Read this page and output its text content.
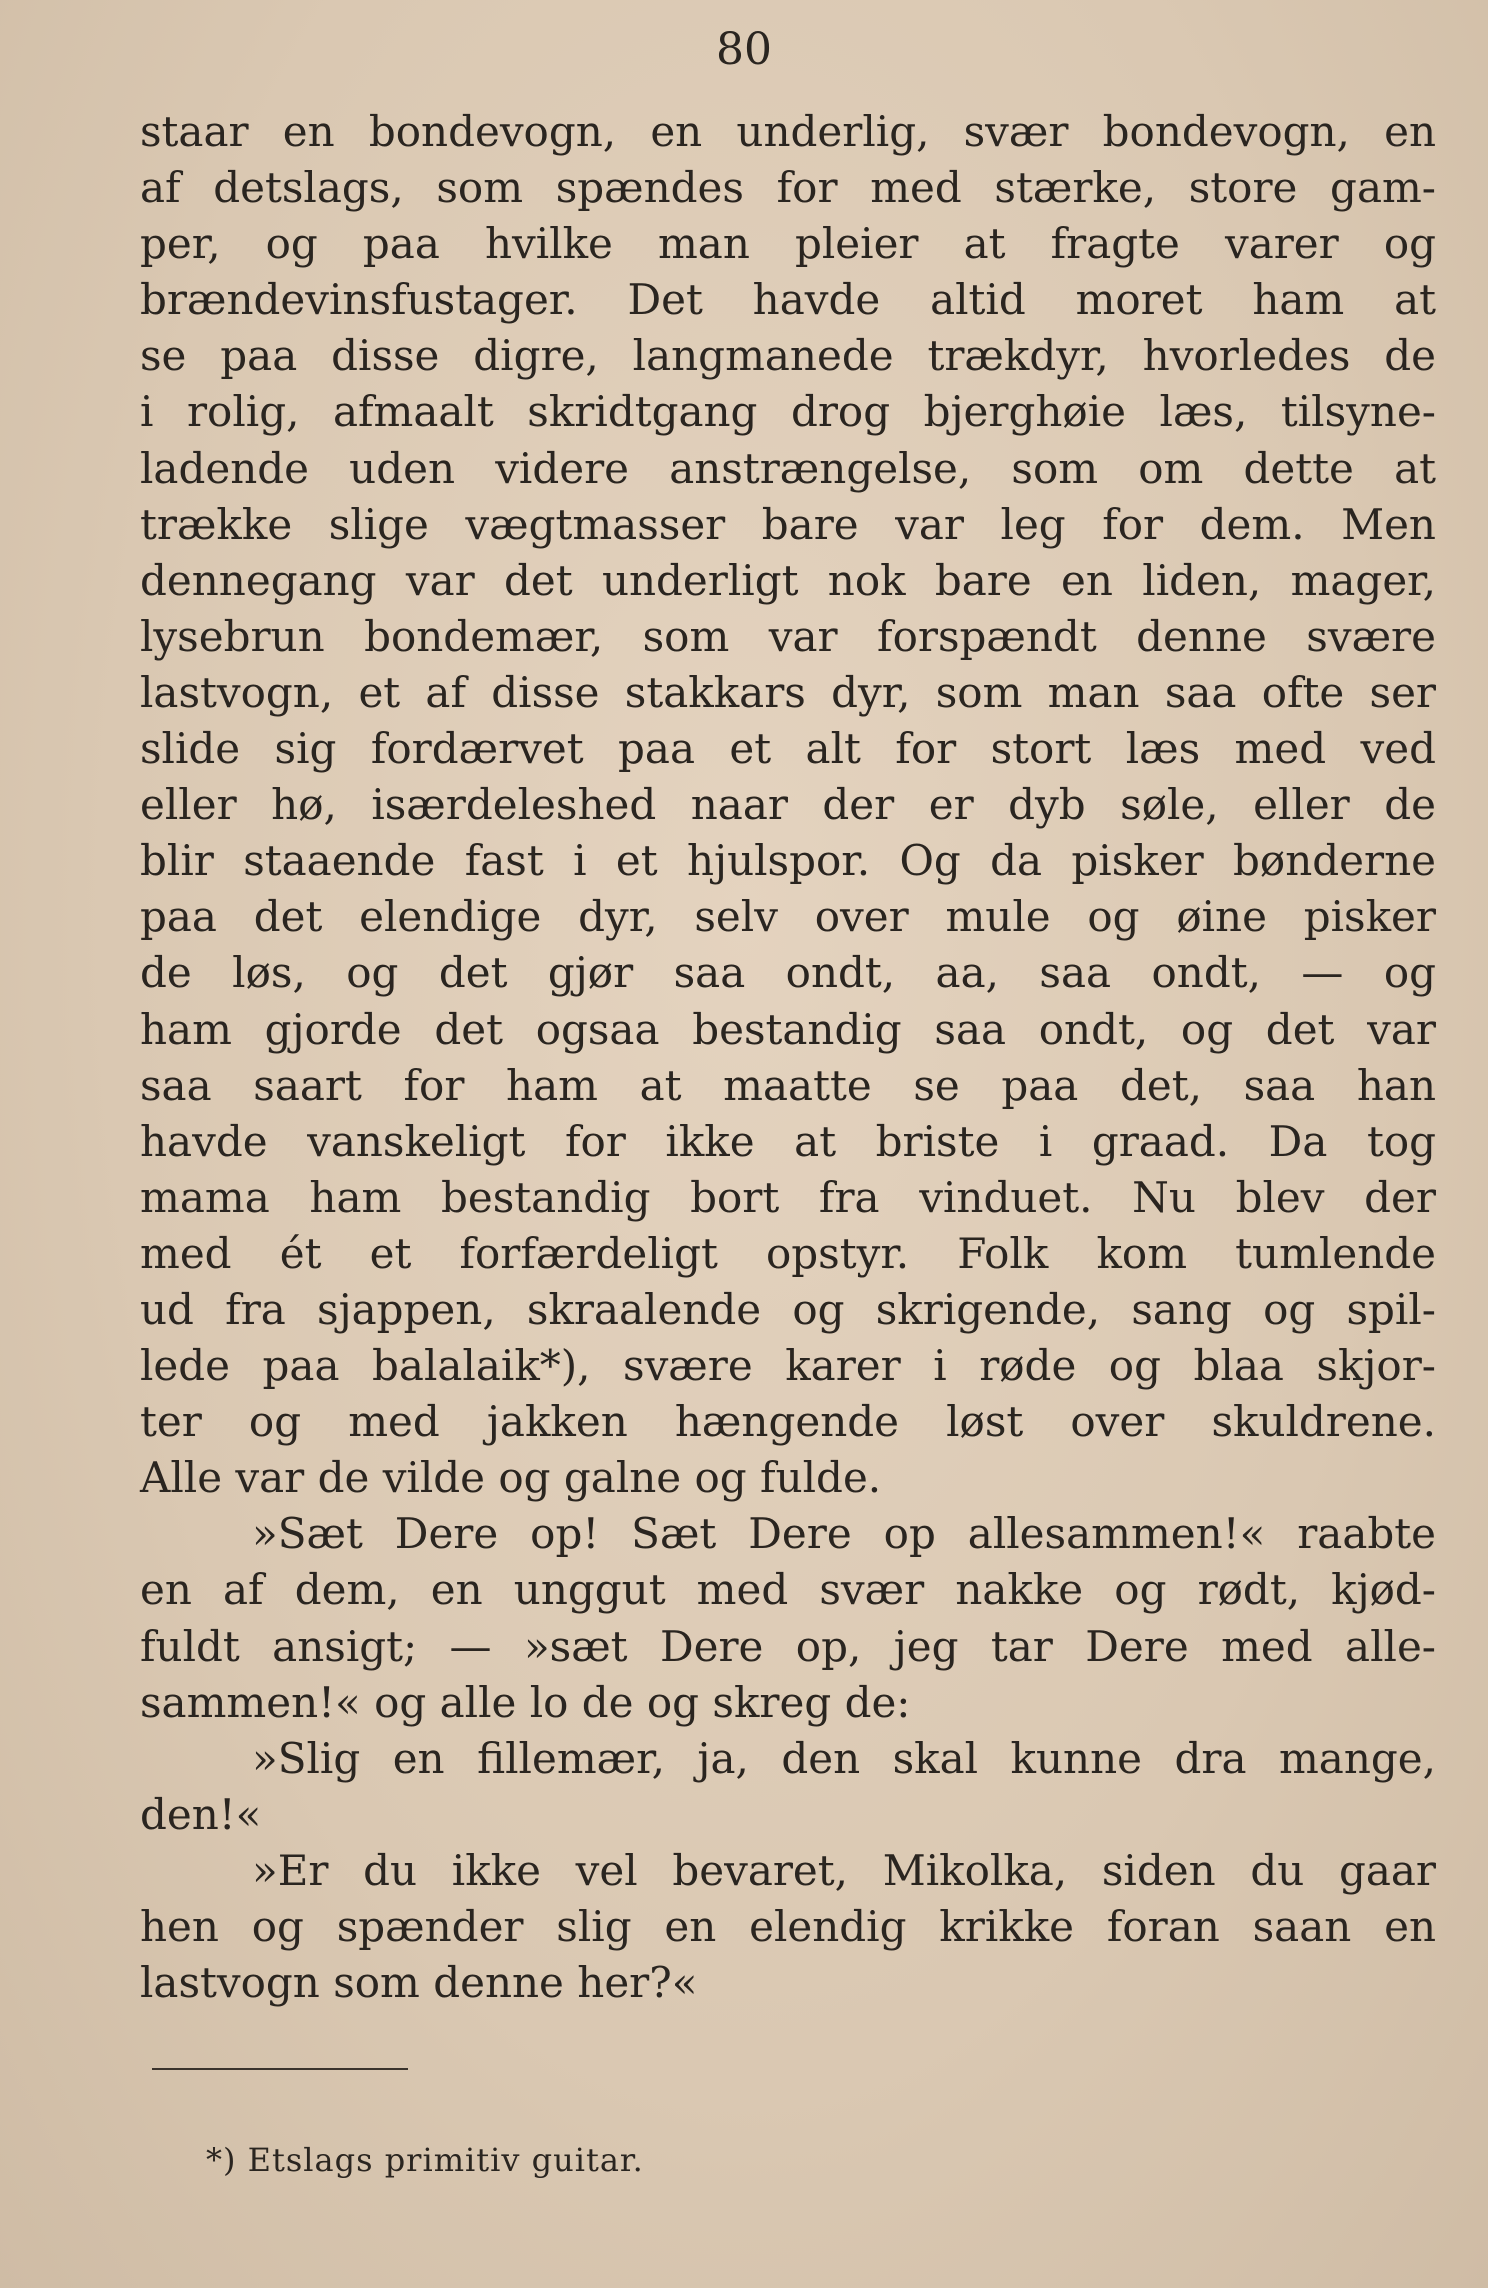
80
staar en bondevogn, en underlig, svær bondevogn, en
af detslags, som spændes for med stærke, store gam-
per, og paa hvilke man pleier at fragte varer og
brændevinsfustager. Det havde altid moret ham at
se paa disse digre, langmanede trækdyr, hvorledes de
i rolig, afmaalt skridtgang drog bjerghøie læs, tilsyne-
ladende uden videre anstrængelse, som om dette at
trække slige vægtmasser bare var leg for dem. Men
dennegang var det underligt nok bare en liden, mager,
lysebrun bondemær, som var forspændt denne svære
lastvogn, et af disse stakkars dyr, som man saa ofte ser
slide sig fordærvet paa et alt for stort læs med ved
eller hø, isærdeleshed naar der er dyb søle, eller de
blir staaende fast i et hjulspor. Og da pisker bønderne
paa det elendige dyr, selv over mule og øine pisker
de løs, og det gjør saa ondt, aa, saa ondt, — og
ham gjorde det ogsaa bestandig saa ondt, og det var
saa saart for ham at maatte se paa det, saa han
havde vanskeligt for ikke at briste i graad. Da tog
mama ham bestandig bort fra vinduet. Nu blev der
med ét et forfærdeligt opstyr. Folk kom tumlende
ud fra sjappen, skraalende og skrigende, sang og spil-
lede paa balalaik*), svære karer i røde og blaa skjor-
ter og med jakken hængende løst over skuldrene.
Alle var de vilde og galne og fulde.
»Sæt Dere op! Sæt Dere op allesammen!« raabte
en af dem, en unggut med svær nakke og rødt, kjød-
fuldt ansigt; — »sæt Dere op, jeg tar Dere med alle-
sammen!« og alle lo de og skreg de:
»Slig en fillemær, ja, den skal kunne dra mange,
den!«
»Er du ikke vel bevaret, Mikolka, siden du gaar
hen og spænder slig en elendig krikke foran saan en
lastvogn som denne her?«
*) Etslags primitiv guitar.
